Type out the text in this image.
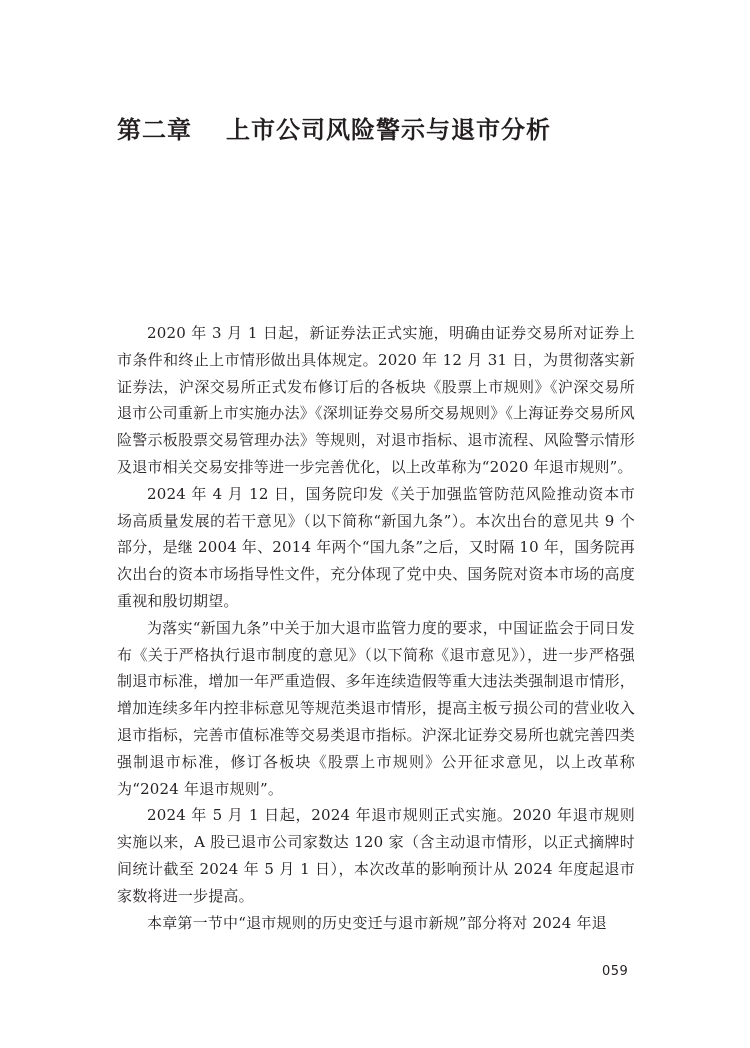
第二章 上市公司风险警示与退市分析

2020 年 3 月 1 日起，新证券法正式实施，明确由证券交易所对证券上市条件和终止上市情形做出具体规定。2020 年 12 月 31 日，为贯彻落实新证券法，沪深交易所正式发布修订后的各板块《股票上市规则》《沪深交易所退市公司重新上市实施办法》《深圳证券交易所交易规则》《上海证券交易所风险警示板股票交易管理办法》等规则，对退市指标、退市流程、风险警示情形及退市相关交易安排等进一步完善优化，以上改革称为“2020 年退市规则”。

2024 年 4 月 12 日，国务院印发《关于加强监管防范风险推动资本市场高质量发展的若干意见》（以下简称“新国九条”）。本次出台的意见共 9 个部分，是继 2004 年、2014 年两个“国九条”之后，又时隔 10 年，国务院再次出台的资本市场指导性文件，充分体现了党中央、国务院对资本市场的高度重视和殷切期望。

为落实“新国九条”中关于加大退市监管力度的要求，中国证监会于同日发布《关于严格执行退市制度的意见》（以下简称《退市意见》），进一步严格强制退市标准，增加一年严重造假、多年连续造假等重大违法类强制退市情形，增加连续多年内控非标意见等规范类退市情形，提高主板亏损公司的营业收入退市指标，完善市值标准等交易类退市指标。沪深北证券交易所也就完善四类强制退市标准，修订各板块《股票上市规则》公开征求意见，以上改革称为“2024 年退市规则”。

2024 年 5 月 1 日起，2024 年退市规则正式实施。2020 年退市规则实施以来，A 股已退市公司家数达 120 家（含主动退市情形，以正式摘牌时间统计截至 2024 年 5 月 1 日），本次改革的影响预计从 2024 年度起退市家数将进一步提高。

本章第一节中“退市规则的历史变迁与退市新规”部分将对 2024 年退

059
